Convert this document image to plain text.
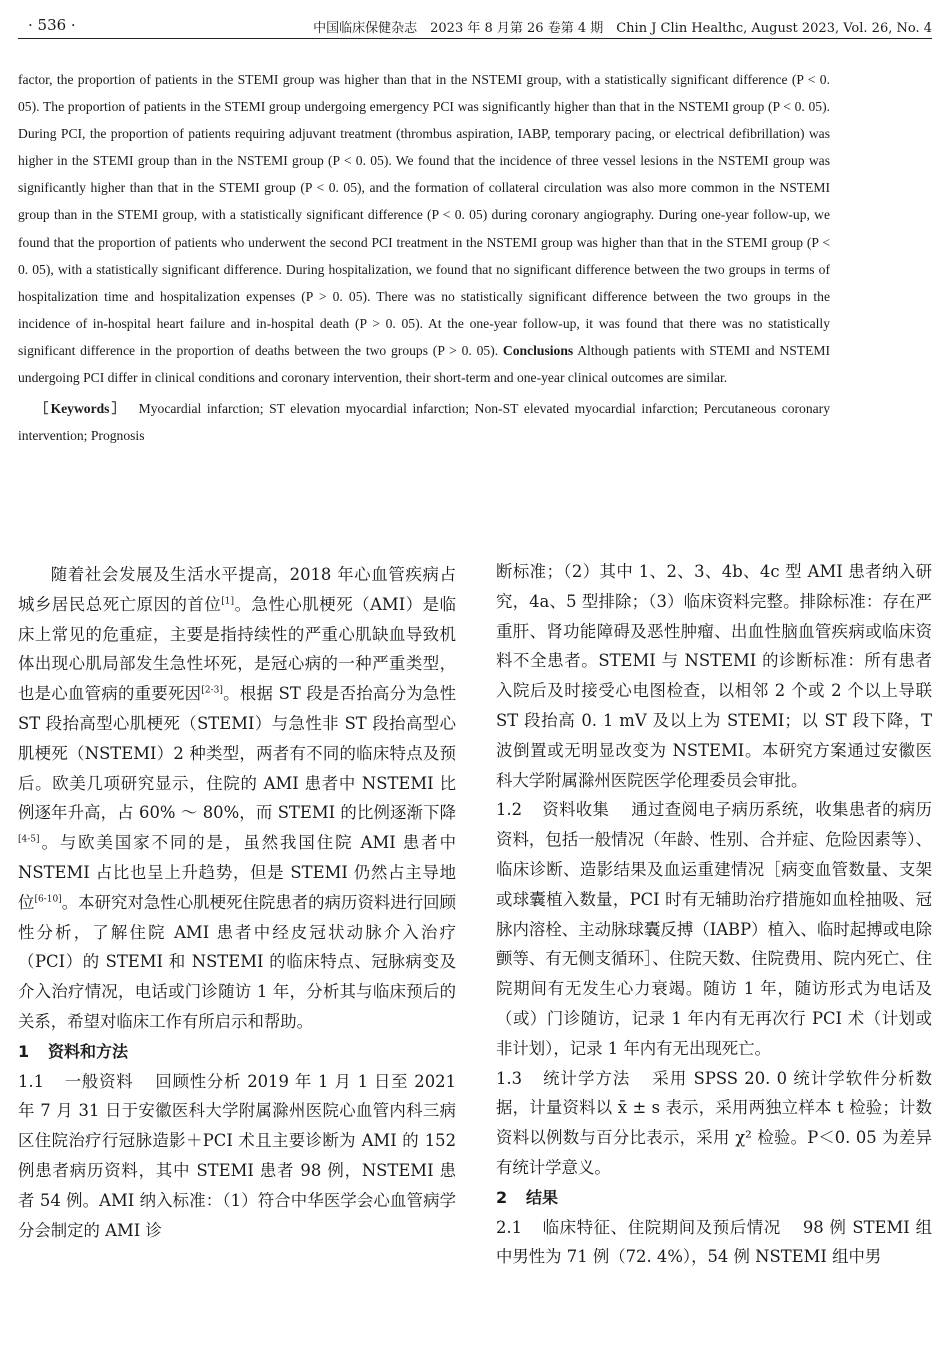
· 536 ·	中国临床保健杂志　2023 年 8 月第 26 卷第 4 期　Chin J Clin Healthc, August 2023, Vol. 26, No. 4

factor, the proportion of patients in the STEMI group was higher than that in the NSTEMI group, with a statistically significant difference (P < 0. 05). The proportion of patients in the STEMI group undergoing emergency PCI was significantly higher than that in the NSTEMI group (P < 0. 05). During PCI, the proportion of patients requiring adjuvant treatment (thrombus aspiration, IABP, temporary pacing, or electrical defibrillation) was higher in the STEMI group than in the NSTEMI group (P < 0. 05). We found that the incidence of three vessel lesions in the NSTEMI group was significantly higher than that in the STEMI group (P < 0. 05), and the formation of collateral circulation was also more common in the NSTEMI group than in the STEMI group, with a statistically significant difference (P < 0. 05) during coronary angiography. During one-year follow-up, we found that the proportion of patients who underwent the second PCI treatment in the NSTEMI group was higher than that in the STEMI group (P < 0. 05), with a statistically significant difference. During hospitalization, we found that no significant difference between the two groups in terms of hospitalization time and hospitalization expenses (P > 0. 05). There was no statistically significant difference between the two groups in the incidence of in-hospital heart failure and in-hospital death (P > 0. 05). At the one-year follow-up, it was found that there was no statistically significant difference in the proportion of deaths between the two groups (P > 0. 05). Conclusions Although patients with STEMI and NSTEMI undergoing PCI differ in clinical conditions and coronary intervention, their short-term and one-year clinical outcomes are similar.

［Keywords］ Myocardial infarction; ST elevation myocardial infarction; Non-ST elevated myocardial infarction; Percutaneous coronary intervention; Prognosis

随着社会发展及生活水平提高，2018 年心血管疾病占城乡居民总死亡原因的首位[1]。急性心肌梗死（AMI）是临床上常见的危重症，主要是指持续性的严重心肌缺血导致机体出现心肌局部发生急性坏死，是冠心病的一种严重类型，也是心血管病的重要死因[2-3]。根据 ST 段是否抬高分为急性 ST 段抬高型心肌梗死（STEMI）与急性非 ST 段抬高型心肌梗死（NSTEMI）2 种类型，两者有不同的临床特点及预后。欧美几项研究显示，住院的 AMI 患者中 NSTEMI 比例逐年升高，占 60% ～ 80%，而 STEMI 的比例逐渐下降[4-5]。与欧美国家不同的是，虽然我国住院 AMI 患者中 NSTEMI 占比也呈上升趋势，但是 STEMI 仍然占主导地位[6-10]。本研究对急性心肌梗死住院患者的病历资料进行回顾性分析，了解住院 AMI 患者中经皮冠状动脉介入治疗（PCI）的 STEMI 和 NSTEMI 的临床特点、冠脉病变及介入治疗情况，电话或门诊随访 1 年，分析其与临床预后的关系，希望对临床工作有所启示和帮助。

1 资料和方法

1.1 一般资料 回顾性分析 2019 年 1 月 1 日至 2021 年 7 月 31 日于安徽医科大学附属滁州医院心血管内科三病区住院治疗行冠脉造影＋PCI 术且主要诊断为 AMI 的 152 例患者病历资料，其中 STEMI 患者 98 例，NSTEMI 患者 54 例。AMI 纳入标准：（1）符合中华医学会心血管病学分会制定的 AMI 诊

断标准；（2）其中 1、2、3、4b、4c 型 AMI 患者纳入研究，4a、5 型排除；（3）临床资料完整。排除标准：存在严重肝、肾功能障碍及恶性肿瘤、出血性脑血管疾病或临床资料不全患者。STEMI 与 NSTEMI 的诊断标准：所有患者入院后及时接受心电图检查，以相邻 2 个或 2 个以上导联 ST 段抬高 0. 1 mV 及以上为 STEMI；以 ST 段下降，T 波倒置或无明显改变为 NSTEMI。本研究方案通过安徽医科大学附属滁州医院医学伦理委员会审批。

1.2 资料收集 通过查阅电子病历系统，收集患者的病历资料，包括一般情况（年龄、性别、合并症、危险因素等）、临床诊断、造影结果及血运重建情况［病变血管数量、支架或球囊植入数量，PCI 时有无辅助治疗措施如血栓抽吸、冠脉内溶栓、主动脉球囊反搏（IABP）植入、临时起搏或电除颤等、有无侧支循环］、住院天数、住院费用、院内死亡、住院期间有无发生心力衰竭。随访 1 年，随访形式为电话及（或）门诊随访，记录 1 年内有无再次行 PCI 术（计划或非计划），记录 1 年内有无出现死亡。

1.3 统计学方法 采用 SPSS 20. 0 统计学软件分析数据，计量资料以 x̄ ± s 表示，采用两独立样本 t 检验；计数资料以例数与百分比表示，采用 χ² 检验。P＜0. 05 为差异有统计学意义。

2 结果

2.1 临床特征、住院期间及预后情况 98 例 STEMI 组中男性为 71 例（72. 4%），54 例 NSTEMI 组中男
